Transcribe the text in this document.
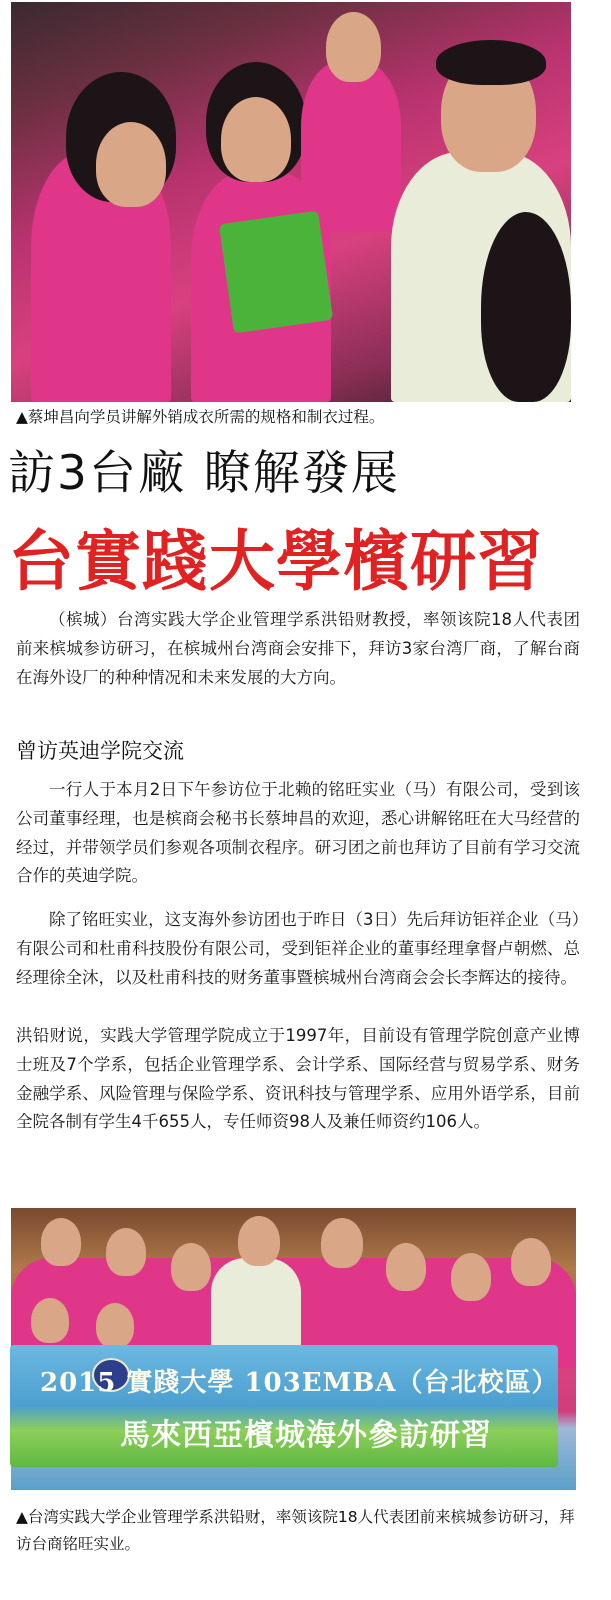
▲蔡坤昌向学员讲解外销成衣所需的规格和制衣过程。
訪3台廠 瞭解發展
台實踐大學檳研習

（槟城）台湾实践大学企业管理学系洪铅财教授，率领该院18人代表团前来槟城参访研习，在槟城州台湾商会安排下，拜访3家台湾厂商，了解台商在海外设厂的种种情况和未来发展的大方向。

曾访英迪学院交流

一行人于本月2日下午参访位于北赖的铭旺实业（马）有限公司，受到该公司董事经理，也是槟商会秘书长蔡坤昌的欢迎，悉心讲解铭旺在大马经营的经过，并带领学员们参观各项制衣程序。研习团之前也拜访了目前有学习交流合作的英迪学院。

除了铭旺实业，这支海外参访团也于昨日（3日）先后拜访钜祥企业（马）有限公司和杜甫科技股份有限公司，受到钜祥企业的董事经理拿督卢朝燃、总经理徐全沐，以及杜甫科技的财务董事暨槟城州台湾商会会长李辉达的接待。

洪铅财说，实践大学管理学院成立于1997年，目前设有管理学院创意产业博士班及7个学系，包括企业管理学系、会计学系、国际经营与贸易学系、财务金融学系、风险管理与保险学系、资讯科技与管理学系、应用外语学系，目前全院各制有学生4千655人，专任师资98人及兼任师资约106人。

2015 實踐大學 103EMBA（台北校區）
馬來西亞檳城海外參訪研習
▲台湾实践大学企业管理学系洪铅财，率领该院18人代表团前来槟城参访研习，拜访台商铭旺实业。
